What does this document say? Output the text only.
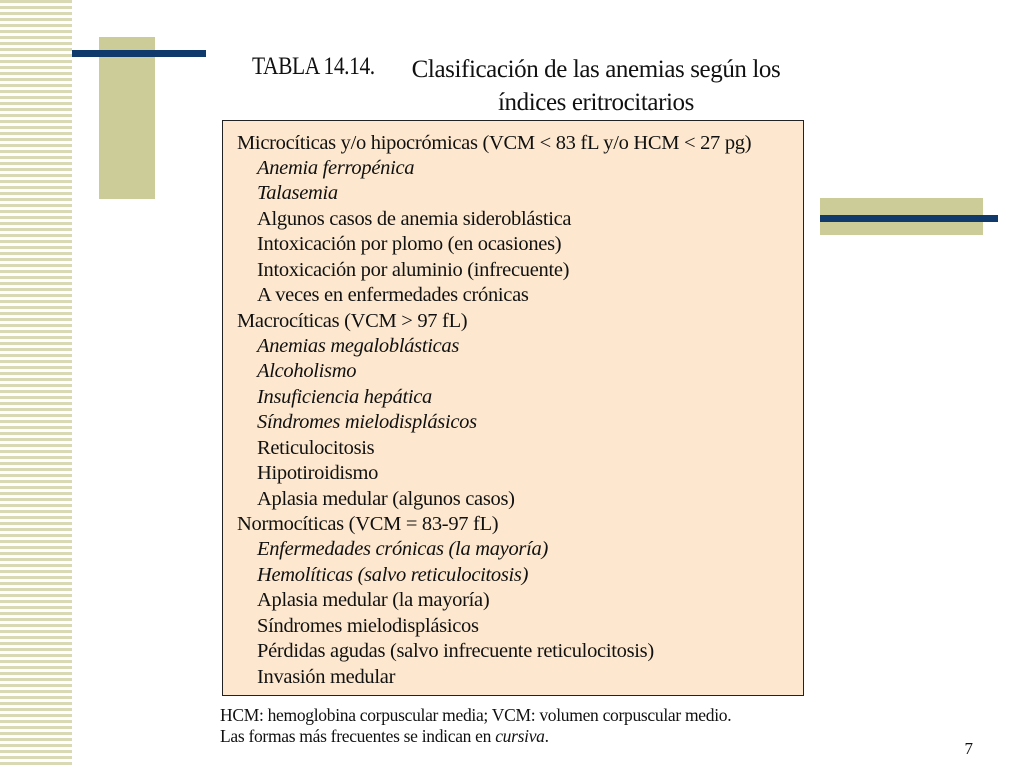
TABLA 14.14.	Clasificación de las anemias según los índices eritrocitarios
Microcíticas y/o hipocrómicas (VCM < 83 fL y/o HCM < 27 pg)
Anemia ferropénica
Talasemia
Algunos casos de anemia sideroblástica
Intoxicación por plomo (en ocasiones)
Intoxicación por aluminio (infrecuente)
A veces en enfermedades crónicas
Macrocíticas (VCM > 97 fL)
Anemias megaloblásticas
Alcoholismo
Insuficiencia hepática
Síndromes mielodisplásicos
Reticulocitosis
Hipotiroidismo
Aplasia medular (algunos casos)
Normocíticas (VCM = 83-97 fL)
Enfermedades crónicas (la mayoría)
Hemolíticas (salvo reticulocitosis)
Aplasia medular (la mayoría)
Síndromes mielodisplásicos
Pérdidas agudas (salvo infrecuente reticulocitosis)
Invasión medular
HCM: hemoglobina corpuscular media; VCM: volumen corpuscular medio.
Las formas más frecuentes se indican en cursiva.
7
